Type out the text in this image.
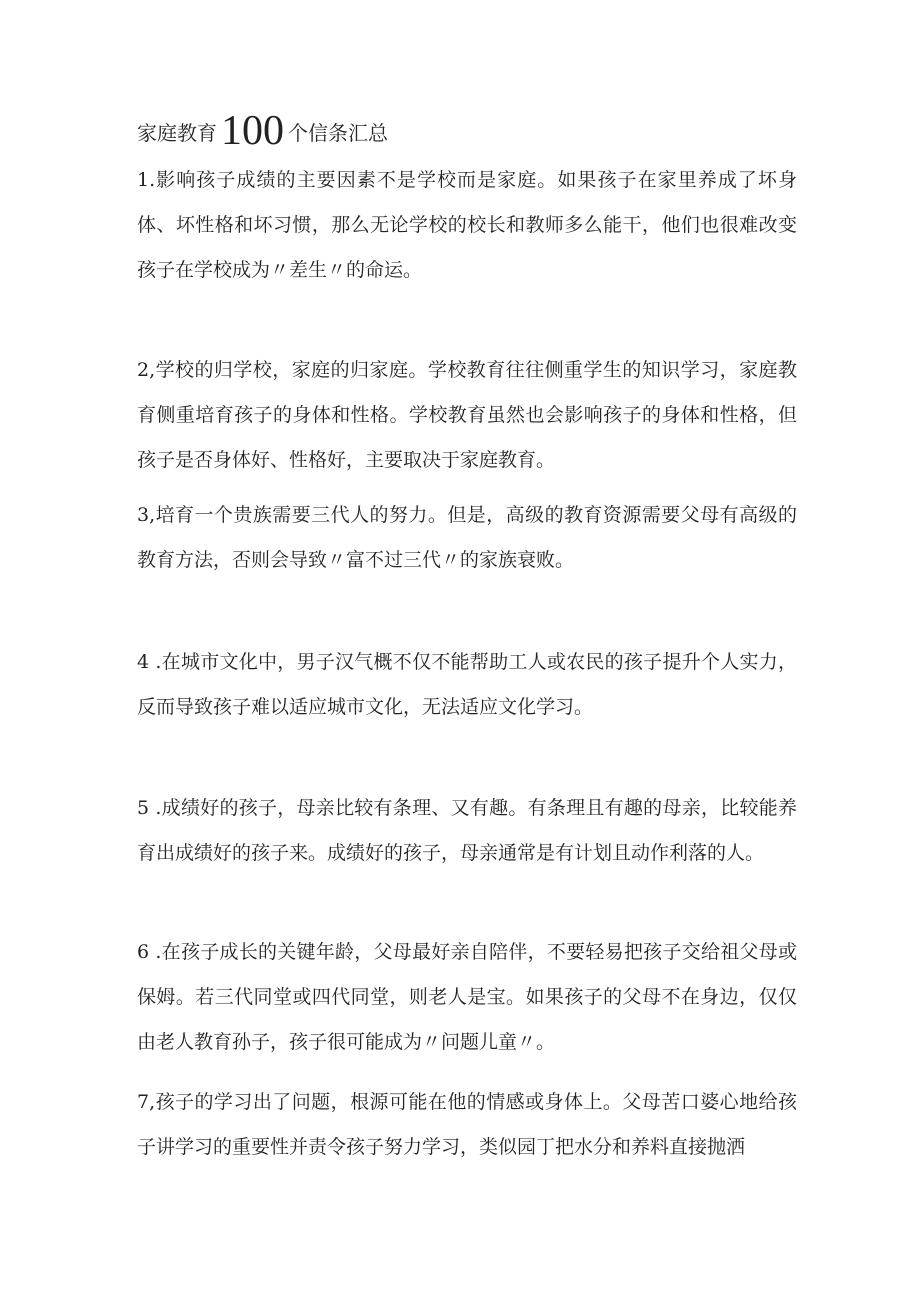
家庭教育100 个信条汇总

1.影响孩子成绩的主要因素不是学校而是家庭。如果孩子在家里养成了坏身体、坏性格和坏习惯，那么无论学校的校长和教师多么能干，他们也很难改变孩子在学校成为〃差生〃的命运。

2,学校的归学校，家庭的归家庭。学校教育往往侧重学生的知识学习，家庭教育侧重培育孩子的身体和性格。学校教育虽然也会影响孩子的身体和性格，但孩子是否身体好、性格好，主要取决于家庭教育。

3,培育一个贵族需要三代人的努力。但是，高级的教育资源需要父母有高级的教育方法，否则会导致〃富不过三代〃的家族衰败。

4 .在城市文化中，男子汉气概不仅不能帮助工人或农民的孩子提升个人实力，反而导致孩子难以适应城市文化，无法适应文化学习。

5 .成绩好的孩子，母亲比较有条理、又有趣。有条理且有趣的母亲，比较能养育出成绩好的孩子来。成绩好的孩子，母亲通常是有计划且动作利落的人。

6 .在孩子成长的关键年龄，父母最好亲自陪伴，不要轻易把孩子交给祖父母或保姆。若三代同堂或四代同堂，则老人是宝。如果孩子的父母不在身边，仅仅由老人教育孙子，孩子很可能成为〃问题儿童〃。

7,孩子的学习出了问题，根源可能在他的情感或身体上。父母苦口婆心地给孩子讲学习的重要性并责令孩子努力学习，类似园丁把水分和养料直接抛洒
